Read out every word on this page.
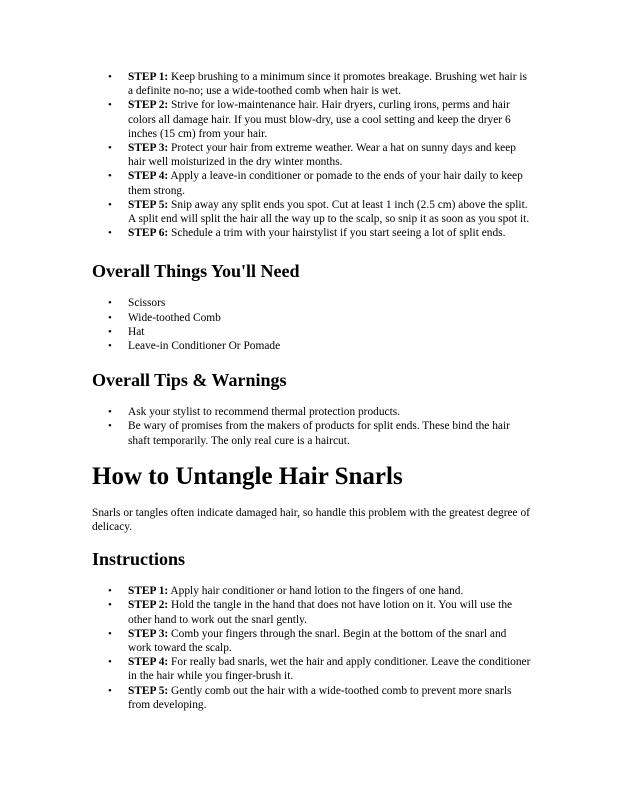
• STEP 1: Keep brushing to a minimum since it promotes breakage. Brushing wet hair is a definite no-no; use a wide-toothed comb when hair is wet.
• STEP 2: Strive for low-maintenance hair. Hair dryers, curling irons, perms and hair colors all damage hair. If you must blow-dry, use a cool setting and keep the dryer 6 inches (15 cm) from your hair.
• STEP 3: Protect your hair from extreme weather. Wear a hat on sunny days and keep hair well moisturized in the dry winter months.
• STEP 4: Apply a leave-in conditioner or pomade to the ends of your hair daily to keep them strong.
• STEP 5: Snip away any split ends you spot. Cut at least 1 inch (2.5 cm) above the split. A split end will split the hair all the way up to the scalp, so snip it as soon as you spot it.
• STEP 6: Schedule a trim with your hairstylist if you start seeing a lot of split ends.
Overall Things You'll Need
• Scissors
• Wide-toothed Comb
• Hat
• Leave-in Conditioner Or Pomade
Overall Tips & Warnings
• Ask your stylist to recommend thermal protection products.
• Be wary of promises from the makers of products for split ends. These bind the hair shaft temporarily. The only real cure is a haircut.
How to Untangle Hair Snarls

Snarls or tangles often indicate damaged hair, so handle this problem with the greatest degree of delicacy.

Instructions
• STEP 1: Apply hair conditioner or hand lotion to the fingers of one hand.
• STEP 2: Hold the tangle in the hand that does not have lotion on it. You will use the other hand to work out the snarl gently.
• STEP 3: Comb your fingers through the snarl. Begin at the bottom of the snarl and work toward the scalp.
• STEP 4: For really bad snarls, wet the hair and apply conditioner. Leave the conditioner in the hair while you finger-brush it.
• STEP 5: Gently comb out the hair with a wide-toothed comb to prevent more snarls from developing.
